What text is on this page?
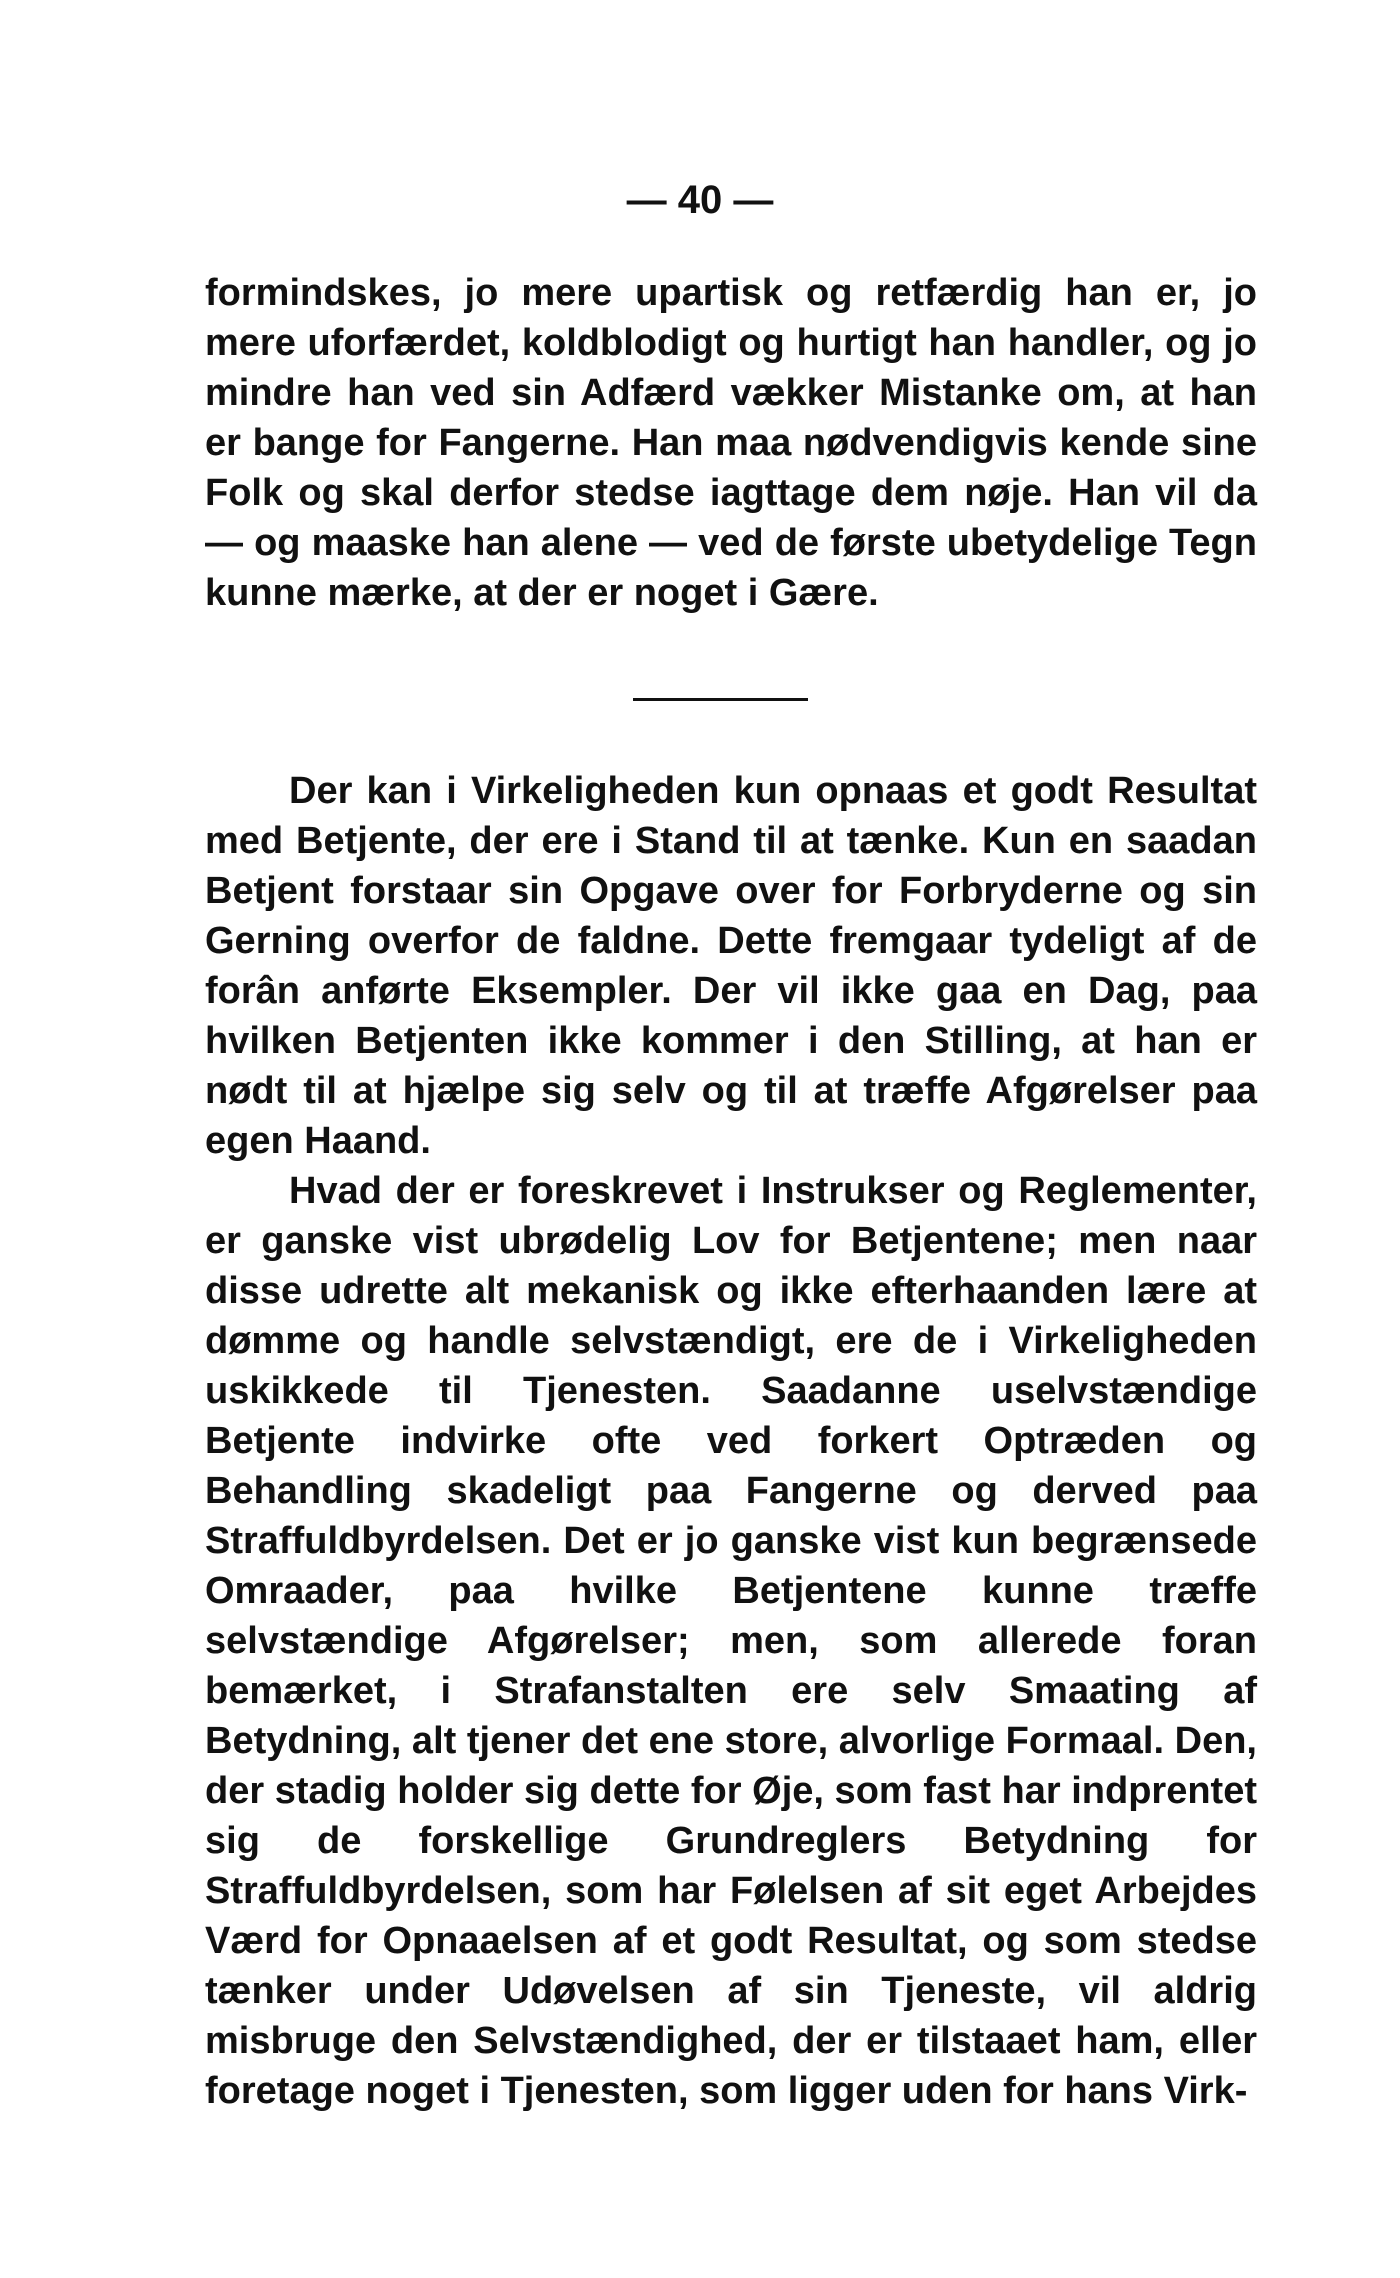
— 40 —

formindskes, jo mere upartisk og retfærdig han er, jo mere uforfærdet, koldblodigt og hurtigt han handler, og jo mindre han ved sin Adfærd vækker Mistanke om, at han er bange for Fangerne. Han maa nødvendigvis kende sine Folk og skal derfor stedse iagttage dem nøje. Han vil da — og maaske han alene — ved de første ubetydelige Tegn kunne mærke, at der er noget i Gære.

Der kan i Virkeligheden kun opnaas et godt Resultat med Betjente, der ere i Stand til at tænke. Kun en saadan Betjent forstaar sin Opgave over for Forbryderne og sin Gerning overfor de faldne. Dette fremgaar tydeligt af de forân anførte Eksempler. Der vil ikke gaa en Dag, paa hvilken Betjenten ikke kommer i den Stilling, at han er nødt til at hjælpe sig selv og til at træffe Afgørelser paa egen Haand.

Hvad der er foreskrevet i Instrukser og Reglementer, er ganske vist ubrødelig Lov for Betjentene; men naar disse udrette alt mekanisk og ikke efterhaanden lære at dømme og handle selvstændigt, ere de i Virkeligheden uskikkede til Tjenesten. Saadanne uselvstændige Betjente indvirke ofte ved forkert Optræden og Behandling skadeligt paa Fangerne og derved paa Straffuldbyrdelsen. Det er jo ganske vist kun begrænsede Omraader, paa hvilke Betjentene kunne træffe selvstændige Afgørelser; men, som allerede foran bemærket, i Strafanstalten ere selv Smaating af Betydning, alt tjener det ene store, alvorlige Formaal. Den, der stadig holder sig dette for Øje, som fast har indprentet sig de forskellige Grundreglers Betydning for Straffuldbyrdelsen, som har Følelsen af sit eget Arbejdes Værd for Opnaaelsen af et godt Resultat, og som stedse tænker under Udøvelsen af sin Tjeneste, vil aldrig misbruge den Selvstændighed, der er tilstaaet ham, eller foretage noget i Tjenesten, som ligger uden for hans Virk-
